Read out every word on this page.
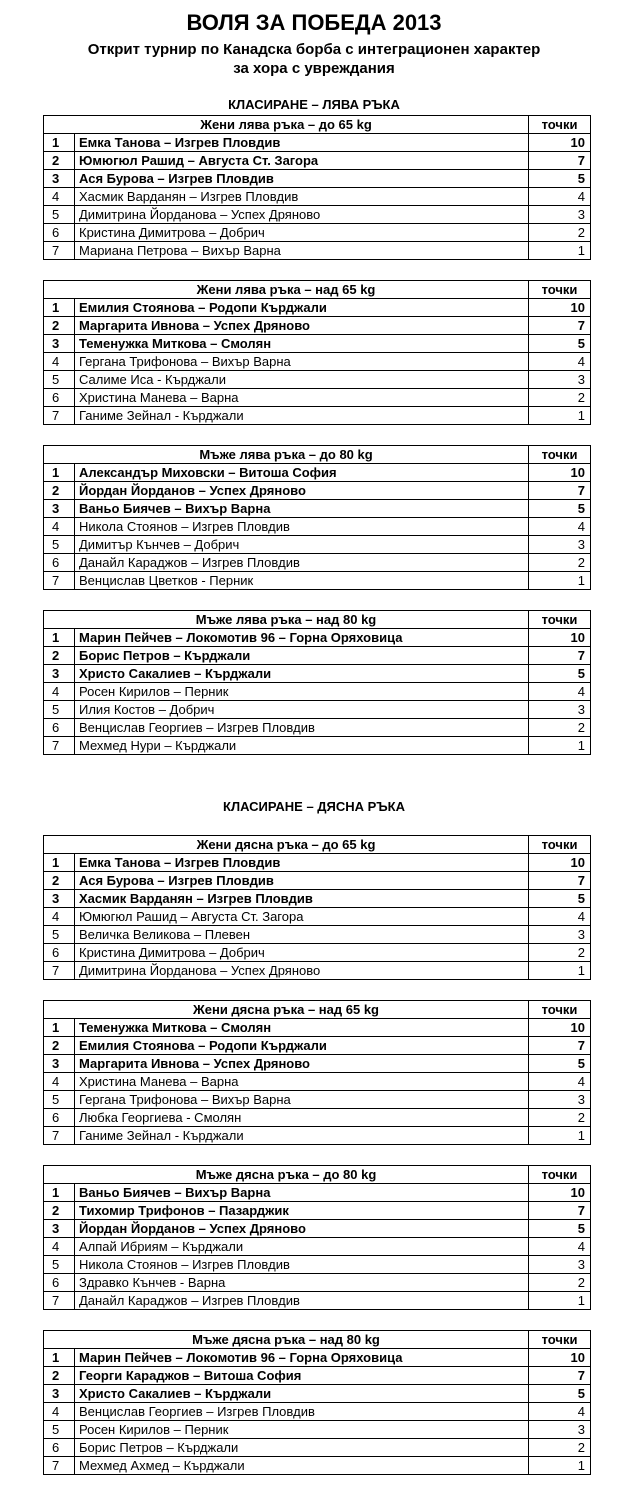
ВОЛЯ ЗА ПОБЕДА 2013
Открит турнир по Канадска борба с интеграционен характер
за хора с увреждания
КЛАСИРАНЕ – ЛЯВА РЪКА
Жени лява ръка – до 65 kg		точки
1	Емка Танова – Изгрев Пловдив	10
2	Юмюгюл Рашид – Августа Ст. Загора	7
3	Ася Бурова – Изгрев Пловдив	5
4	Хасмик Варданян – Изгрев Пловдив	4
5	Димитрина Йорданова – Успех Дряново	3
6	Кристина Димитрова – Добрич	2
7	Мариана Петрова – Вихър Варна	1
Жени лява ръка – над 65 kg		точки
1	Емилия Стоянова – Родопи Кърджали	10
2	Маргарита Ивнова – Успех Дряново	7
3	Теменужка Миткова – Смолян	5
4	Гергана Трифонова – Вихър Варна	4
5	Салиме Иса - Кърджали	3
6	Христина Манева – Варна	2
7	Ганиме Зейнал - Кърджали	1
Мъже лява ръка – до 80 kg		точки
1	Александър Миховски – Витоша София	10
2	Йордан Йорданов – Успех Дряново	7
3	Ваньо Биячев – Вихър Варна	5
4	Никола Стоянов – Изгрев Пловдив	4
5	Димитър Кънчев – Добрич	3
6	Данайл Караджов – Изгрев Пловдив	2
7	Венцислав Цветков - Перник	1
Мъже лява ръка – над 80 kg		точки
1	Марин Пейчев – Локомотив 96 – Горна Оряховица	10
2	Борис Петров – Кърджали	7
3	Христо Сакалиев – Кърджали	5
4	Росен Кирилов – Перник	4
5	Илия Костов – Добрич	3
6	Венцислав Георгиев – Изгрев Пловдив	2
7	Мехмед Нури – Кърджали	1
КЛАСИРАНЕ – ДЯСНА РЪКА
Жени дясна ръка – до 65 kg		точки
1	Емка Танова – Изгрев Пловдив	10
2	Ася Бурова – Изгрев Пловдив	7
3	Хасмик Варданян – Изгрев Пловдив	5
4	Юмюгюл Рашид – Августа Ст. Загора	4
5	Величка Великова – Плевен	3
6	Кристина Димитрова – Добрич	2
7	Димитрина Йорданова – Успех Дряново	1
Жени дясна ръка – над 65 kg		точки
1	Теменужка Миткова – Смолян	10
2	Емилия Стоянова – Родопи Кърджали	7
3	Маргарита Ивнова – Успех Дряново	5
4	Христина Манева – Варна	4
5	Гергана Трифонова – Вихър Варна	3
6	Любка Георгиева - Смолян	2
7	Ганиме Зейнал - Кърджали	1
Мъже дясна ръка – до 80 kg		точки
1	Ваньо Биячев – Вихър Варна	10
2	Тихомир Трифонов – Пазарджик	7
3	Йордан Йорданов – Успех Дряново	5
4	Алпай Ибриям – Кърджали	4
5	Никола Стоянов – Изгрев Пловдив	3
6	Здравко Кънчев - Варна	2
7	Данайл Караджов – Изгрев Пловдив	1
Мъже дясна ръка – над 80 kg		точки
1	Марин Пейчев – Локомотив 96 – Горна Оряховица	10
2	Георги Караджов – Витоша София	7
3	Христо Сакалиев – Кърджали	5
4	Венцислав Георгиев – Изгрев Пловдив	4
5	Росен Кирилов – Перник	3
6	Борис Петров – Кърджали	2
7	Мехмед Ахмед – Кърджали	1
